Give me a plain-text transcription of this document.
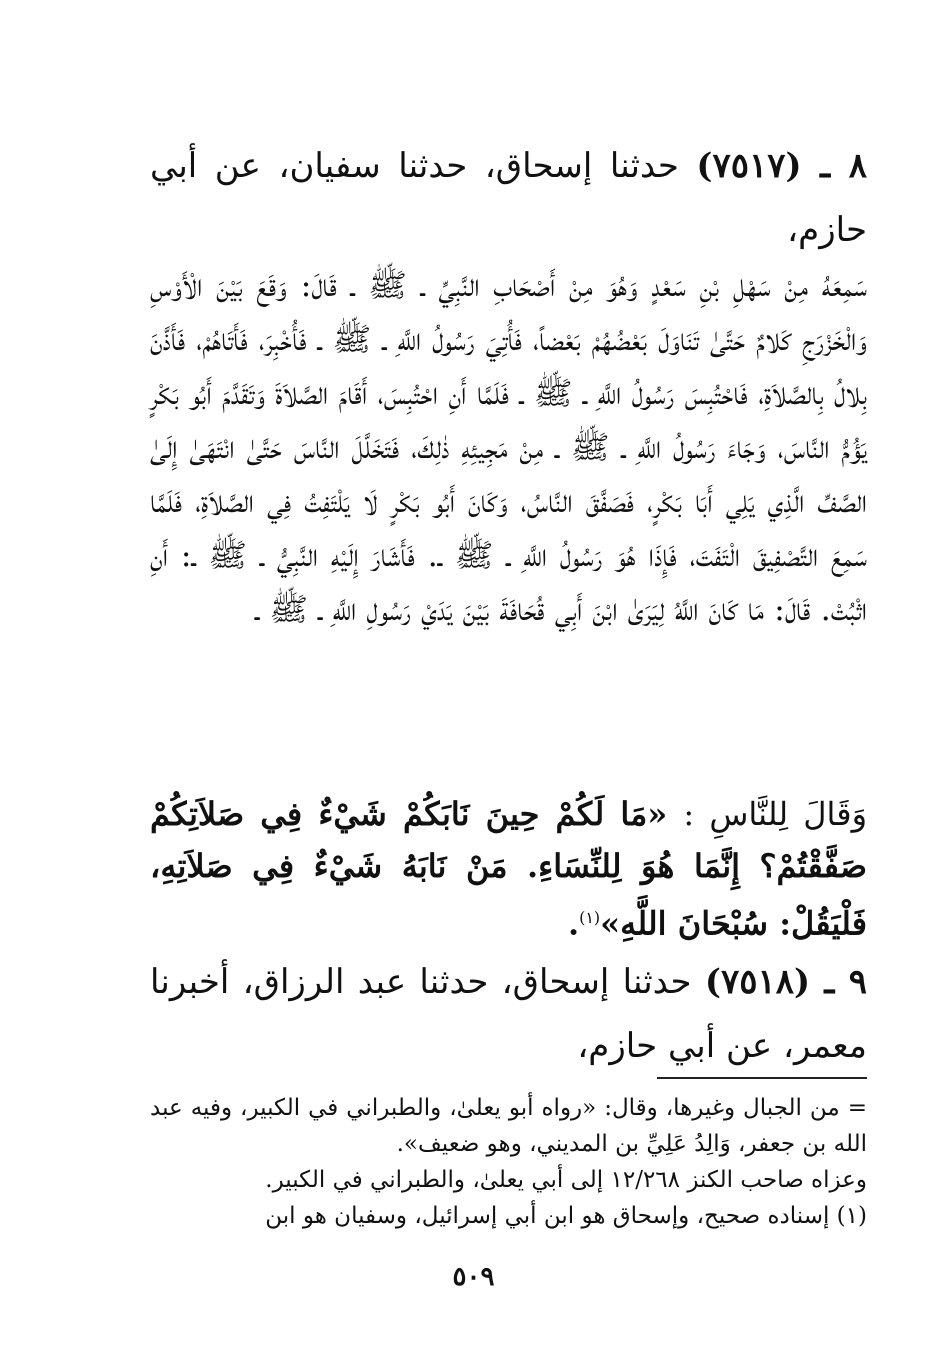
٨ ـ (٧٥١٧) حدثنا إسحاق، حدثنا سفيان، عن أبي حازم،

سَمِعَهُ مِنْ سَهْلِ بْنِ سَعْدٍ وَهُوَ مِنْ أَصْحَابِ النَّبِيِّ ـ ﷺ ـ قَالَ: وَقَعَ بَيْنَ الْأَوْسِ وَالْخَزْرَجِ كَلامٌ حَتَّىٰ تَنَاوَلَ بَعْضُهُمْ بَعْضاً، فَأُتِيَ رَسُولُ اللَّهِ ـ ﷺ ـ فَأُخْبِرَ، فَأَتَاهُمْ، فَأَذَّنَ بِلالُ بِالصَّلاَةِ، فَاحْتُبِسَ رَسُولُ اللَّهِ ـ ﷺ ـ فَلَمَّا أَنِ احْتُبِسَ، أَقَامَ الصَّلاَةَ وَتَقَدَّمَ أَبُو بَكْرٍ يَؤُمُّ النَّاسَ، وَجَاءَ رَسُولُ اللَّهِ ـ ﷺ ـ مِنْ مَجِيئِهِ ذٰلِكَ، فَتَخَلَّلَ النَّاسَ حَتَّىٰ انْتَهَىٰ إِلَىٰ الصَّفِّ الَّذِي يَلِي أَبَا بَكْرٍ، فَصَفَّقَ النَّاسُ، وَكَانَ أَبُو بَكْرٍ لَا يَلْتَفِتُ فِي الصَّلاَةِ، فَلَمَّا سَمِعَ التَّصْفِيقَ الْتَفَتَ، فَإِذَا هُوَ رَسُولُ اللَّهِ ـ ﷺ ـ. فَأَشَارَ إِلَيْهِ النَّبِيُّ ـ ﷺ ـ: أَنِ اثْبُتْ. قَالَ: مَا كَانَ اللَّهُ لِيَرَىٰ ابْنَ أَبِي قُحَافَةَ بَيْنَ يَدَيْ رَسُولِ اللَّهِ ـ ﷺ ـ

وَقَالَ لِلنَّاسِ : «مَا لَكُمْ حِينَ نَابَكُمْ شَيْءٌ فِي صَلاَتِكُمْ صَفَّقْتُمْ؟ إِنَّمَا هُوَ لِلنِّسَاءِ. مَنْ نَابَهُ شَيْءٌ فِي صَلاَتِهِ، فَلْيَقُلْ: سُبْحَانَ اللَّهِ»$^{(١)}$.

٩ ـ (٧٥١٨) حدثنا إسحاق، حدثنا عبد الرزاق، أخبرنا معمر، عن أبي حازم،

= من الجبال وغيرها، وقال: «رواه أبو يعلىٰ، والطبراني في الكبير، وفيه عبد الله بن جعفر، وَالِدُ عَلِيِّ بن المديني، وهو ضعيف».

وعزاه صاحب الكنز ١٢/٢٦٨ إلى أبي يعلىٰ، والطبراني في الكبير.

(١) إسناده صحيح، وإسحاق هو ابن أبي إسرائيل، وسفيان هو ابن

٥٠٩
